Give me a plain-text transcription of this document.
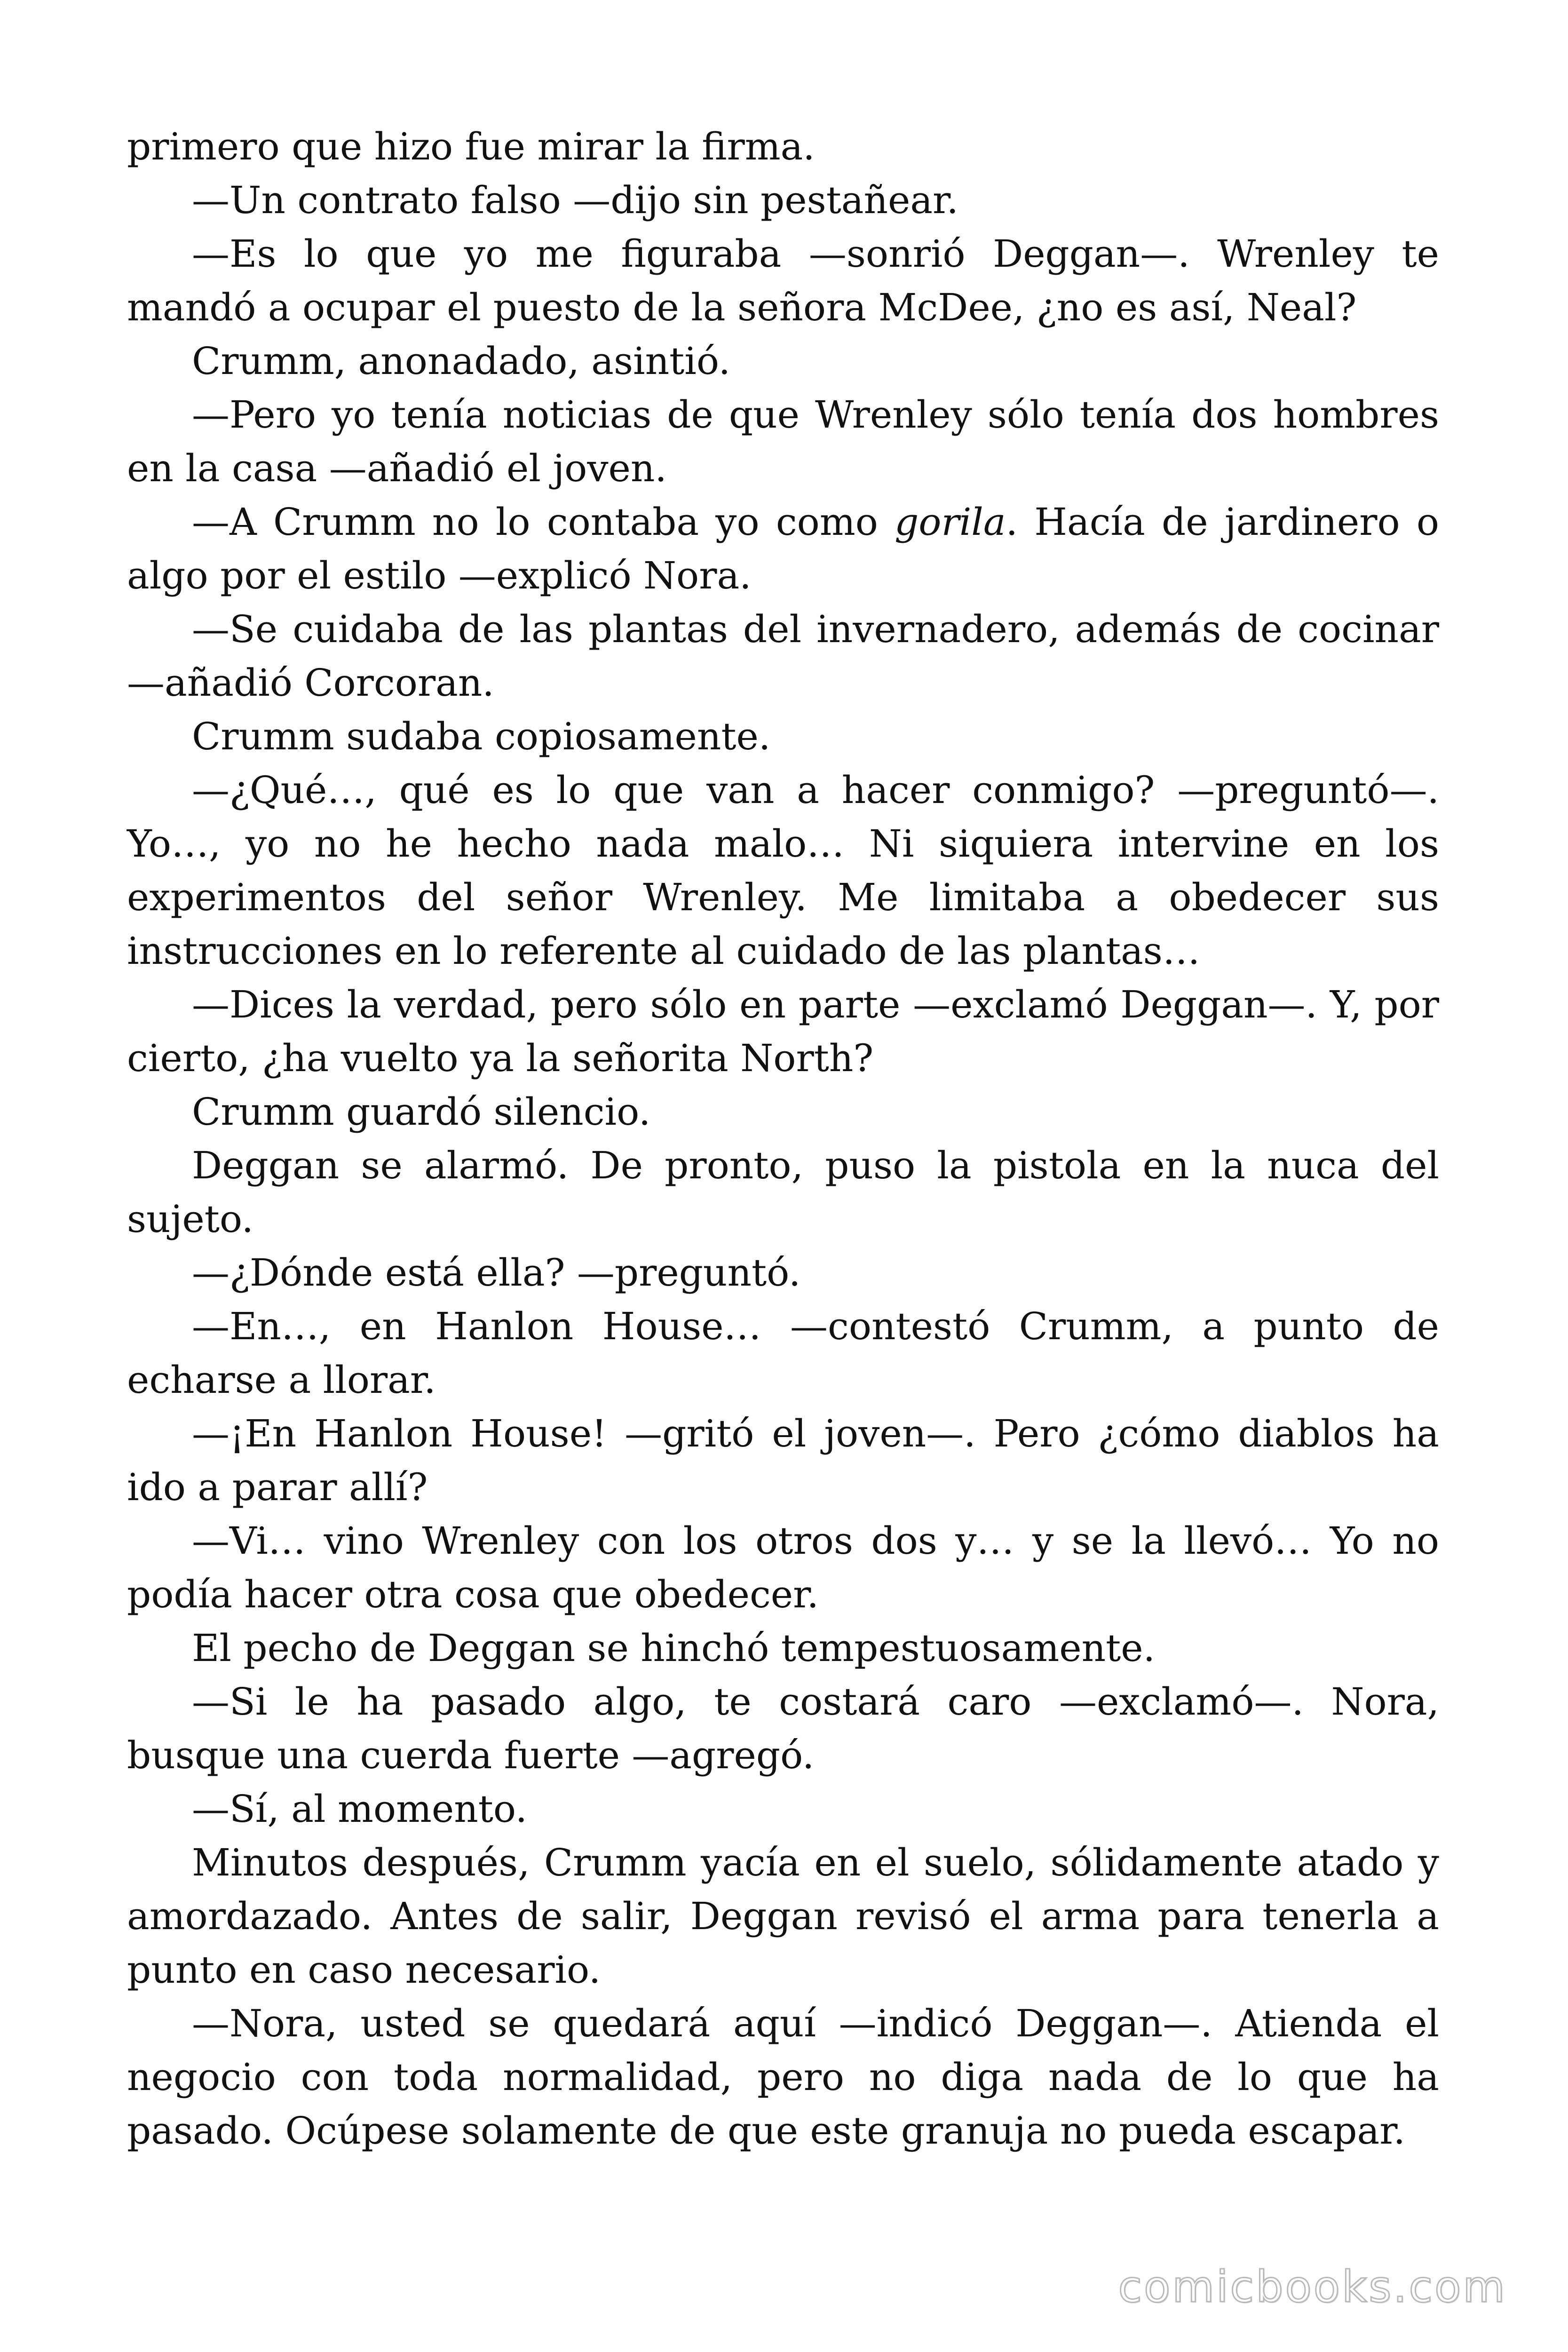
primero que hizo fue mirar la firma.

—Un contrato falso —dijo sin pestañear.

—Es lo que yo me figuraba —sonrió Deggan—. Wrenley te mandó a ocupar el puesto de la señora McDee, ¿no es así, Neal?

Crumm, anonadado, asintió.

—Pero yo tenía noticias de que Wrenley sólo tenía dos hombres en la casa —añadió el joven.

—A Crumm no lo contaba yo como gorila. Hacía de jardinero o algo por el estilo —explicó Nora.

—Se cuidaba de las plantas del invernadero, además de cocinar —añadió Corcoran.

Crumm sudaba copiosamente.

—¿Qué…, qué es lo que van a hacer conmigo? —preguntó—. Yo…, yo no he hecho nada malo… Ni siquiera intervine en los experimentos del señor Wrenley. Me limitaba a obedecer sus instrucciones en lo referente al cuidado de las plantas…

—Dices la verdad, pero sólo en parte —exclamó Deggan—. Y, por cierto, ¿ha vuelto ya la señorita North?

Crumm guardó silencio.

Deggan se alarmó. De pronto, puso la pistola en la nuca del sujeto.

—¿Dónde está ella? —preguntó.

—En…, en Hanlon House… —contestó Crumm, a punto de echarse a llorar.

—¡En Hanlon House! —gritó el joven—. Pero ¿cómo diablos ha ido a parar allí?

—Vi… vino Wrenley con los otros dos y… y se la llevó… Yo no podía hacer otra cosa que obedecer.

El pecho de Deggan se hinchó tempestuosamente.

—Si le ha pasado algo, te costará caro —exclamó—. Nora, busque una cuerda fuerte —agregó.

—Sí, al momento.

Minutos después, Crumm yacía en el suelo, sólidamente atado y amordazado. Antes de salir, Deggan revisó el arma para tenerla a punto en caso necesario.

—Nora, usted se quedará aquí —indicó Deggan—. Atienda el negocio con toda normalidad, pero no diga nada de lo que ha pasado. Ocúpese solamente de que este granuja no pueda escapar.

comicbooks.com
